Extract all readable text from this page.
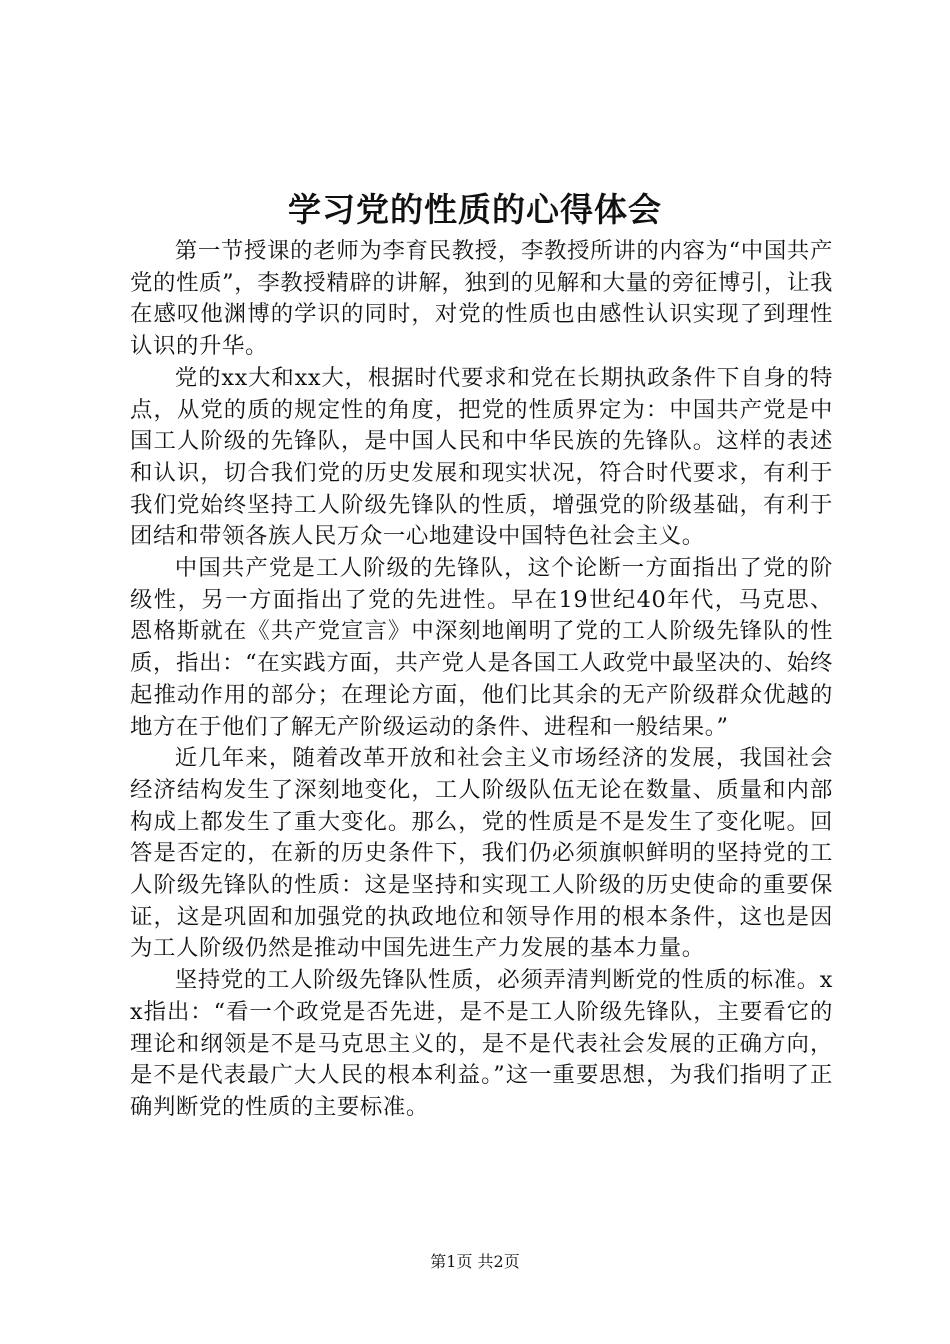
学习党的性质的心得体会

第一节授课的老师为李育民教授，李教授所讲的内容为“中国共产党的性质”，李教授精辟的讲解，独到的见解和大量的旁征博引，让我在感叹他渊博的学识的同时，对党的性质也由感性认识实现了到理性认识的升华。

党的xx大和xx大，根据时代要求和党在长期执政条件下自身的特点，从党的质的规定性的角度，把党的性质界定为：中国共产党是中国工人阶级的先锋队，是中国人民和中华民族的先锋队。这样的表述和认识，切合我们党的历史发展和现实状况，符合时代要求，有利于我们党始终坚持工人阶级先锋队的性质，增强党的阶级基础，有利于团结和带领各族人民万众一心地建设中国特色社会主义。

中国共产党是工人阶级的先锋队，这个论断一方面指出了党的阶级性，另一方面指出了党的先进性。早在19世纪40年代，马克思、恩格斯就在《共产党宣言》中深刻地阐明了党的工人阶级先锋队的性质，指出：“在实践方面，共产党人是各国工人政党中最坚决的、始终起推动作用的部分；在理论方面，他们比其余的无产阶级群众优越的地方在于他们了解无产阶级运动的条件、进程和一般结果。”

近几年来，随着改革开放和社会主义市场经济的发展，我国社会经济结构发生了深刻地变化，工人阶级队伍无论在数量、质量和内部构成上都发生了重大变化。那么，党的性质是不是发生了变化呢。回答是否定的，在新的历史条件下，我们仍必须旗帜鲜明的坚持党的工人阶级先锋队的性质：这是坚持和实现工人阶级的历史使命的重要保证，这是巩固和加强党的执政地位和领导作用的根本条件，这也是因为工人阶级仍然是推动中国先进生产力发展的基本力量。

坚持党的工人阶级先锋队性质，必须弄清判断党的性质的标准。xx指出：“看一个政党是否先进，是不是工人阶级先锋队，主要看它的理论和纲领是不是马克思主义的，是不是代表社会发展的正确方向，是不是代表最广大人民的根本利益。”这一重要思想，为我们指明了正确判断党的性质的主要标准。

第1页 共2页
